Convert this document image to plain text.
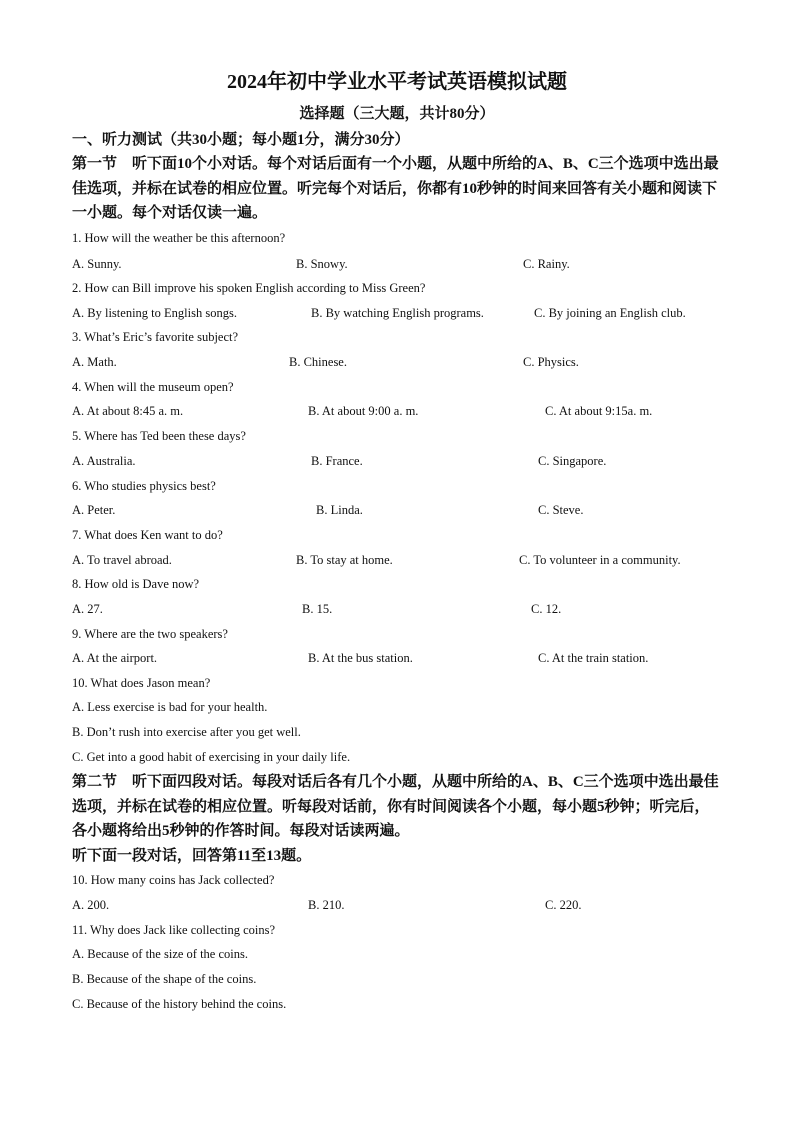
2024年初中学业水平考试英语模拟试题
选择题（三大题，共计80分）
一、听力测试（共30小题；每小题1分，满分30分）
第一节　听下面10个小对话。每个对话后面有一个小题，从题中所给的A、B、C三个选项中选出最佳选项，并标在试卷的相应位置。听完每个对话后，你都有10秒钟的时间来回答有关小题和阅读下一小题。每个对话仅读一遍。
1. How will the weather be this afternoon?
A. Sunny.	B. Snowy.	C. Rainy.
2. How can Bill improve his spoken English according to Miss Green?
A. By listening to English songs.	B. By watching English programs.	C. By joining an English club.
3. What’s Eric’s favorite subject?
A. Math.	B. Chinese.	C. Physics.
4. When will the museum open?
A. At about 8:45 a. m.	B. At about 9:00 a. m.	C. At about 9:15a. m.
5. Where has Ted been these days?
A. Australia.	B. France.	C. Singapore.
6. Who studies physics best?
A. Peter.	B. Linda.	C. Steve.
7. What does Ken want to do?
A. To travel abroad.	B. To stay at home.	C. To volunteer in a community.
8. How old is Dave now?
A. 27.	B. 15.	C. 12.
9. Where are the two speakers?
A. At the airport.	B. At the bus station.	C. At the train station.
10. What does Jason mean?
A. Less exercise is bad for your health.
B. Don’t rush into exercise after you get well.
C. Get into a good habit of exercising in your daily life.
第二节　听下面四段对话。每段对话后各有几个小题，从题中所给的A、B、C三个选项中选出最佳选项，并标在试卷的相应位置。听每段对话前，你有时间阅读各个小题，每小题5秒钟；听完后，各小题将给出5秒钟的作答时间。每段对话读两遍。
听下面一段对话，回答第11至13题。
10. How many coins has Jack collected?
A. 200.	B. 210.	C. 220.
11. Why does Jack like collecting coins?
A. Because of the size of the coins.
B. Because of the shape of the coins.
C. Because of the history behind the coins.
